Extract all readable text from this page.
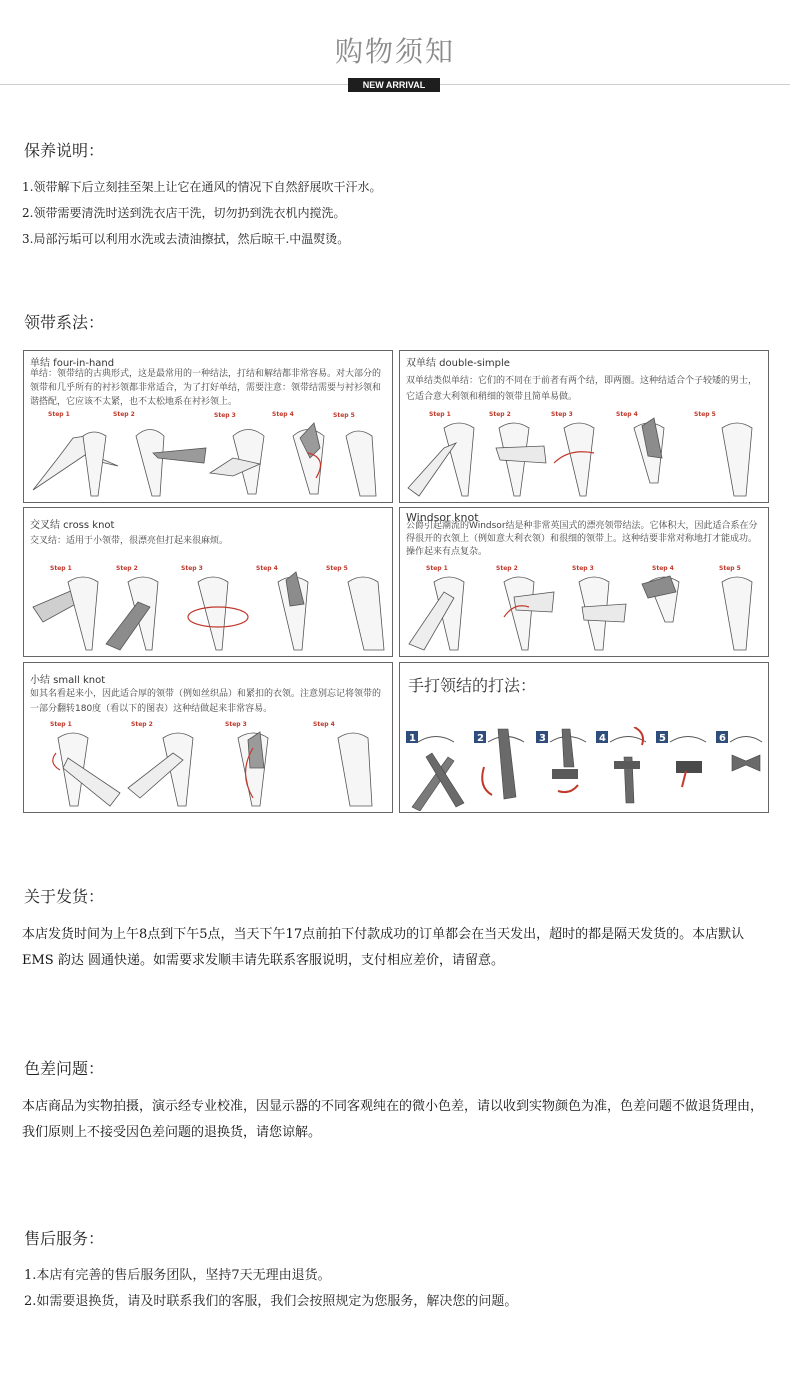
购物须知
NEW ARRIVAL
保养说明：
1.领带解下后立刻挂至架上让它在通风的情况下自然舒展吹干汗水。
2.领带需要清洗时送到洗衣店干洗，切勿扔到洗衣机内搅洗。
3.局部污垢可以利用水洗或去渍油擦拭，然后晾干.中温熨烫。
领带系法：
单结 four-in-hand
单结：领带结的古典形式，这是最常用的一种结法，打结和解结都非常容易。对大部分的领带和几乎所有的衬衫领都非常适合，为了打好单结，需要注意：领带结需要与衬衫领和谐搭配，它应该不太紧，也不太松地系在衬衫领上。
Step 1	Step 2	Step 3	Step 4	Step 5
双单结 double-simple
双单结类似单结：它们的不同在于前者有两个结，即两圈。这种结适合个子较矮的男士，它适合意大利领和稍细的领带且简单易做。
Step 1	Step 2	Step 3	Step 4	Step 5
交叉结 cross knot
交叉结：适用于小领带，很漂亮但打起来很麻烦。
Step 1	Step 2	Step 3	Step 4	Step 5
Windsor knot
公爵引起潮流的Windsor结是种非常英国式的漂亮领带结法。它体积大，因此适合系在分得很开的衣领上（例如意大利衣领）和很细的领带上。这种结要非常对称地打才能成功。操作起来有点复杂。
Step 1	Step 2	Step 3	Step 4	Step 5
小结 small knot
如其名看起来小，因此适合厚的领带（例如丝织品）和紧扣的衣领。注意别忘记将领带的一部分翻转180度（看以下的图表）这种结做起来非常容易。
Step 1	Step 2	Step 3	Step 4
手打领结的打法：
1	2	3	4	5	6
关于发货：

本店发货时间为上午8点到下午5点，当天下午17点前拍下付款成功的订单都会在当天发出，超时的都是隔天发货的。本店默认EMS 韵达 圆通快递。如需要求发顺丰请先联系客服说明，支付相应差价，请留意。

色差问题：

本店商品为实物拍摄，演示经专业校准，因显示器的不同客观纯在的微小色差，请以收到实物颜色为准，色差问题不做退货理由，我们原则上不接受因色差问题的退换货，请您谅解。

售后服务：
1.本店有完善的售后服务团队，坚持7天无理由退货。
2.如需要退换货，请及时联系我们的客服，我们会按照规定为您服务，解决您的问题。
